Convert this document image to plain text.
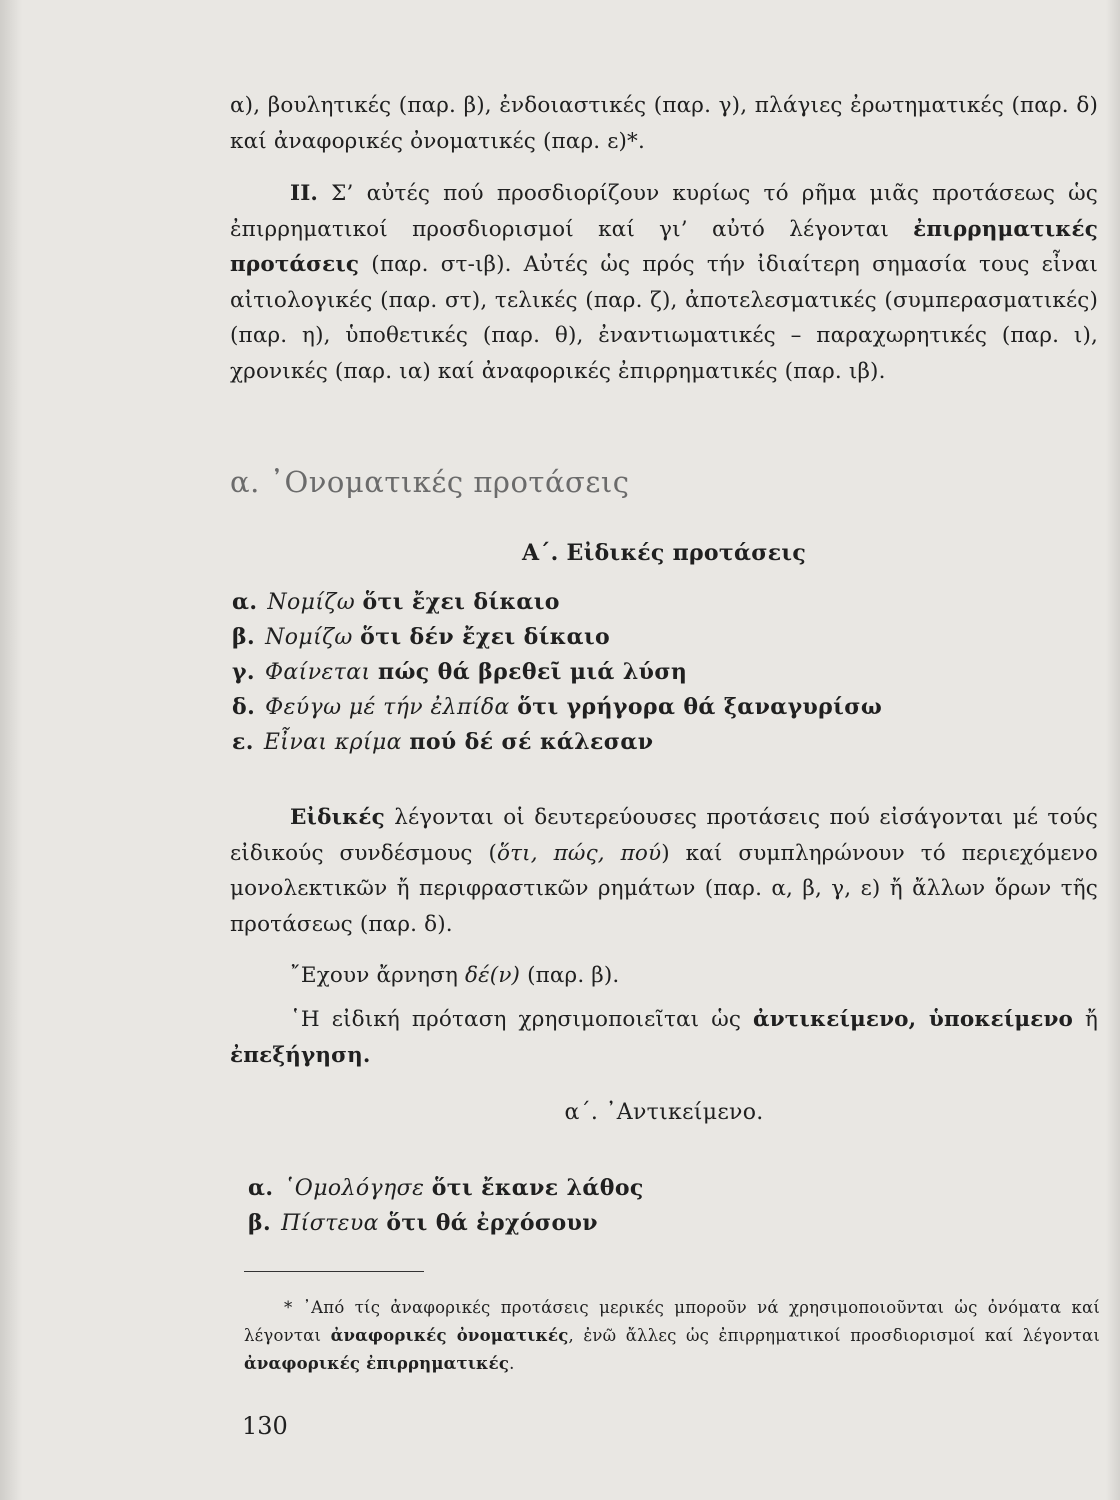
α), βουλητικές (παρ. β), ἐνδοιαστικές (παρ. γ), πλάγιες ἐρωτηματικές (παρ. δ) καί ἀναφορικές ὀνοματικές (παρ. ε)*.

II. Σ’ αὐτές πού προσδιορίζουν κυρίως τό ρῆμα μιᾶς προτάσεως ὡς ἐπιρρηματικοί προσδιορισμοί καί γι’ αὐτό λέγονται ἐπιρρηματικές προτάσεις (παρ. στ-ιβ). Αὐτές ὡς πρός τήν ἰδιαίτερη σημασία τους εἶναι αἰτιολογικές (παρ. στ), τελικές (παρ. ζ), ἀποτελεσματικές (συμπερασματικές) (παρ. η), ὑποθετικές (παρ. θ), ἐναντιωματικές – παραχωρητικές (παρ. ι), χρονικές (παρ. ια) καί ἀναφορικές ἐπιρρηματικές (παρ. ιβ).

α. ᾿Ονοματικές προτάσεις
Α΄. Εἰδικές προτάσεις
α. Νομίζω ὅτι ἔχει δίκαιο
β. Νομίζω ὅτι δέν ἔχει δίκαιο
γ. Φαίνεται πώς θά βρεθεῖ μιά λύση
δ. Φεύγω μέ τήν ἐλπίδα ὅτι γρήγορα θά ξαναγυρίσω
ε. Εἶναι κρίμα πού δέ σέ κάλεσαν

Εἰδικές λέγονται οἱ δευτερεύουσες προτάσεις πού εἰσάγονται μέ τούς εἰδικούς συνδέσμους (ὅτι, πώς, πού) καί συμπληρώνουν τό περιεχόμενο μονολεκτικῶν ἤ περιφραστικῶν ρημάτων (παρ. α, β, γ, ε) ἤ ἄλλων ὅρων τῆς προτάσεως (παρ. δ).

῎Εχουν ἄρνηση δέ(ν) (παρ. β).

῾Η εἰδική πρόταση χρησιμοποιεῖται ὡς ἀντικείμενο, ὑποκείμενο ἤ ἐπεξήγηση.

α΄. ᾿Αντικείμενο.
α. ῾Ομολόγησε ὅτι ἔκανε λάθος
β. Πίστευα ὅτι θά ἐρχόσουν
* ᾿Από τίς ἀναφορικές προτάσεις μερικές μποροῦν νά χρησιμοποιοῦνται ὡς ὀνόματα καί λέγονται ἀναφορικές ὀνοματικές, ἐνῶ ἄλλες ὡς ἐπιρρηματικοί προσδιορισμοί καί λέγονται ἀναφορικές ἐπιρρηματικές.
130
